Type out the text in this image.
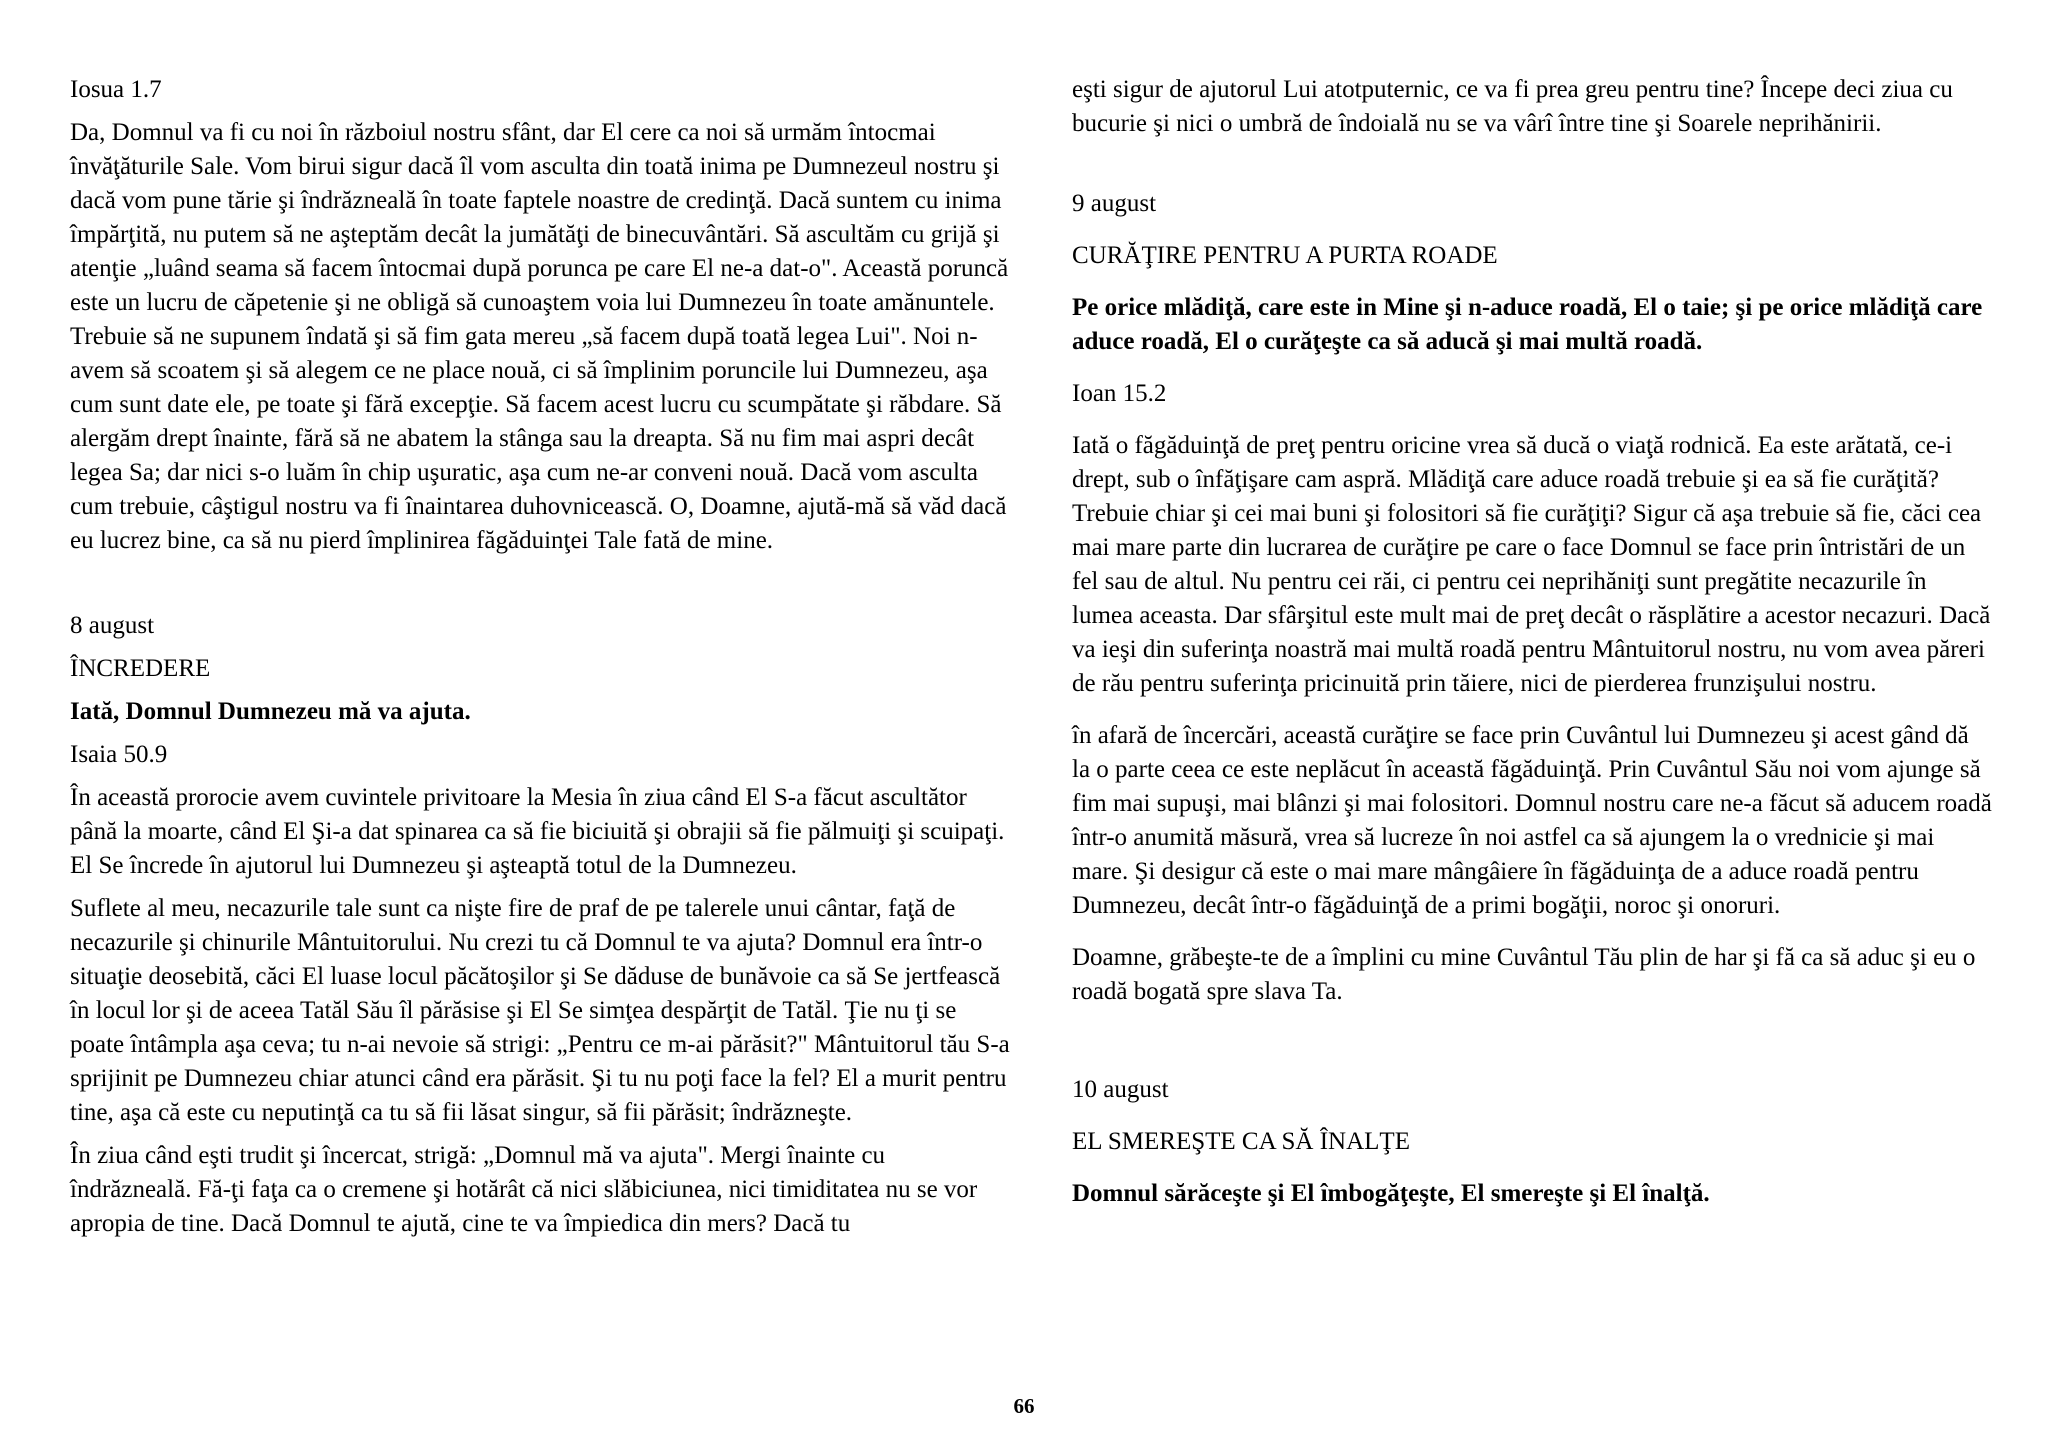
Iosua 1.7

Da, Domnul va fi cu noi în războiul nostru sfânt, dar El cere ca noi să urmăm întocmai învăţăturile Sale. Vom birui sigur dacă îl vom asculta din toată inima pe Dumnezeul nostru şi dacă vom pune tărie şi îndrăzneală în toate faptele noastre de credinţă. Dacă suntem cu inima împărţită, nu putem să ne aşteptăm decât la jumătăţi de binecuvântări. Să ascultăm cu grijă şi atenţie „luând seama să facem întocmai după porunca pe care El ne-a dat-o". Această poruncă este un lucru de căpetenie şi ne obligă să cunoaştem voia lui Dumnezeu în toate amănuntele. Trebuie să ne supunem îndată şi să fim gata mereu „să facem după toată legea Lui". Noi n-avem să scoatem şi să alegem ce ne place nouă, ci să împlinim poruncile lui Dumnezeu, aşa cum sunt date ele, pe toate şi fără excepţie. Să facem acest lucru cu scumpătate şi răbdare. Să alergăm drept înainte, fără să ne abatem la stânga sau la dreapta. Să nu fim mai aspri decât legea Sa; dar nici s-o luăm în chip uşuratic, aşa cum ne-ar conveni nouă. Dacă vom asculta cum trebuie, câştigul nostru va fi înaintarea duhovnicească. O, Doamne, ajută-mă să văd dacă eu lucrez bine, ca să nu pierd împlinirea făgăduinţei Tale fată de mine.

8 august

ÎNCREDERE

Iată, Domnul Dumnezeu mă va ajuta.

Isaia 50.9

În această prorocie avem cuvintele privitoare la Mesia în ziua când El S-a făcut ascultător până la moarte, când El Şi-a dat spinarea ca să fie biciuită şi obrajii să fie pălmuiţi şi scuipaţi. El Se încrede în ajutorul lui Dumnezeu şi aşteaptă totul de la Dumnezeu.

Suflete al meu, necazurile tale sunt ca nişte fire de praf de pe talerele unui cântar, faţă de necazurile şi chinurile Mântuitorului. Nu crezi tu că Domnul te va ajuta? Domnul era într-o situaţie deosebită, căci El luase locul păcătoşilor şi Se dăduse de bunăvoie ca să Se jertfească în locul lor şi de aceea Tatăl Său îl părăsise şi El Se simţea despărţit de Tatăl. Ţie nu ţi se poate întâmpla aşa ceva; tu n-ai nevoie să strigi: „Pentru ce m-ai părăsit?" Mântuitorul tău S-a sprijinit pe Dumnezeu chiar atunci când era părăsit. Şi tu nu poţi face la fel? El a murit pentru tine, aşa că este cu neputinţă ca tu să fii lăsat singur, să fii părăsit; îndrăzneşte.

În ziua când eşti trudit şi încercat, strigă: „Domnul mă va ajuta". Mergi înainte cu îndrăzneală. Fă-ţi faţa ca o cremene şi hotărât că nici slăbiciunea, nici timiditatea nu se vor apropia de tine. Dacă Domnul te ajută, cine te va împiedica din mers? Dacă tu

eşti sigur de ajutorul Lui atotputernic, ce va fi prea greu pentru tine? Începe deci ziua cu bucurie şi nici o umbră de îndoială nu se va vârî între tine şi Soarele neprihănirii.

9 august

CURĂŢIRE PENTRU A PURTA ROADE

Pe orice mlădiţă, care este in Mine şi n-aduce roadă, El o taie; şi pe orice mlădiţă care aduce roadă, El o curăţeşte ca să aducă şi mai multă roadă.

Ioan 15.2

Iată o făgăduinţă de preţ pentru oricine vrea să ducă o viaţă rodnică. Ea este arătată, ce-i drept, sub o înfăţişare cam aspră. Mlădiţă care aduce roadă trebuie şi ea să fie curăţită? Trebuie chiar şi cei mai buni şi folositori să fie curăţiţi? Sigur că aşa trebuie să fie, căci cea mai mare parte din lucrarea de curăţire pe care o face Domnul se face prin întristări de un fel sau de altul. Nu pentru cei răi, ci pentru cei neprihăniţi sunt pregătite necazurile în lumea aceasta. Dar sfârşitul este mult mai de preţ decât o răsplătire a acestor necazuri. Dacă va ieşi din suferinţa noastră mai multă roadă pentru Mântuitorul nostru, nu vom avea păreri de rău pentru suferinţa pricinuită prin tăiere, nici de pierderea frunzişului nostru.

în afară de încercări, această curăţire se face prin Cuvântul lui Dumnezeu şi acest gând dă la o parte ceea ce este neplăcut în această făgăduinţă. Prin Cuvântul Său noi vom ajunge să fim mai supuşi, mai blânzi şi mai folositori. Domnul nostru care ne-a făcut să aducem roadă într-o anumită măsură, vrea să lucreze în noi astfel ca să ajungem la o vrednicie şi mai mare. Şi desigur că este o mai mare mângâiere în făgăduinţa de a aduce roadă pentru Dumnezeu, decât într-o făgăduinţă de a primi bogăţii, noroc şi onoruri.

Doamne, grăbeşte-te de a împlini cu mine Cuvântul Tău plin de har şi fă ca să aduc şi eu o roadă bogată spre slava Ta.

10 august

EL SMEREŞTE CA SĂ ÎNALŢE

Domnul sărăceşte şi El îmbogăţeşte, El smereşte şi El înalţă.

66
